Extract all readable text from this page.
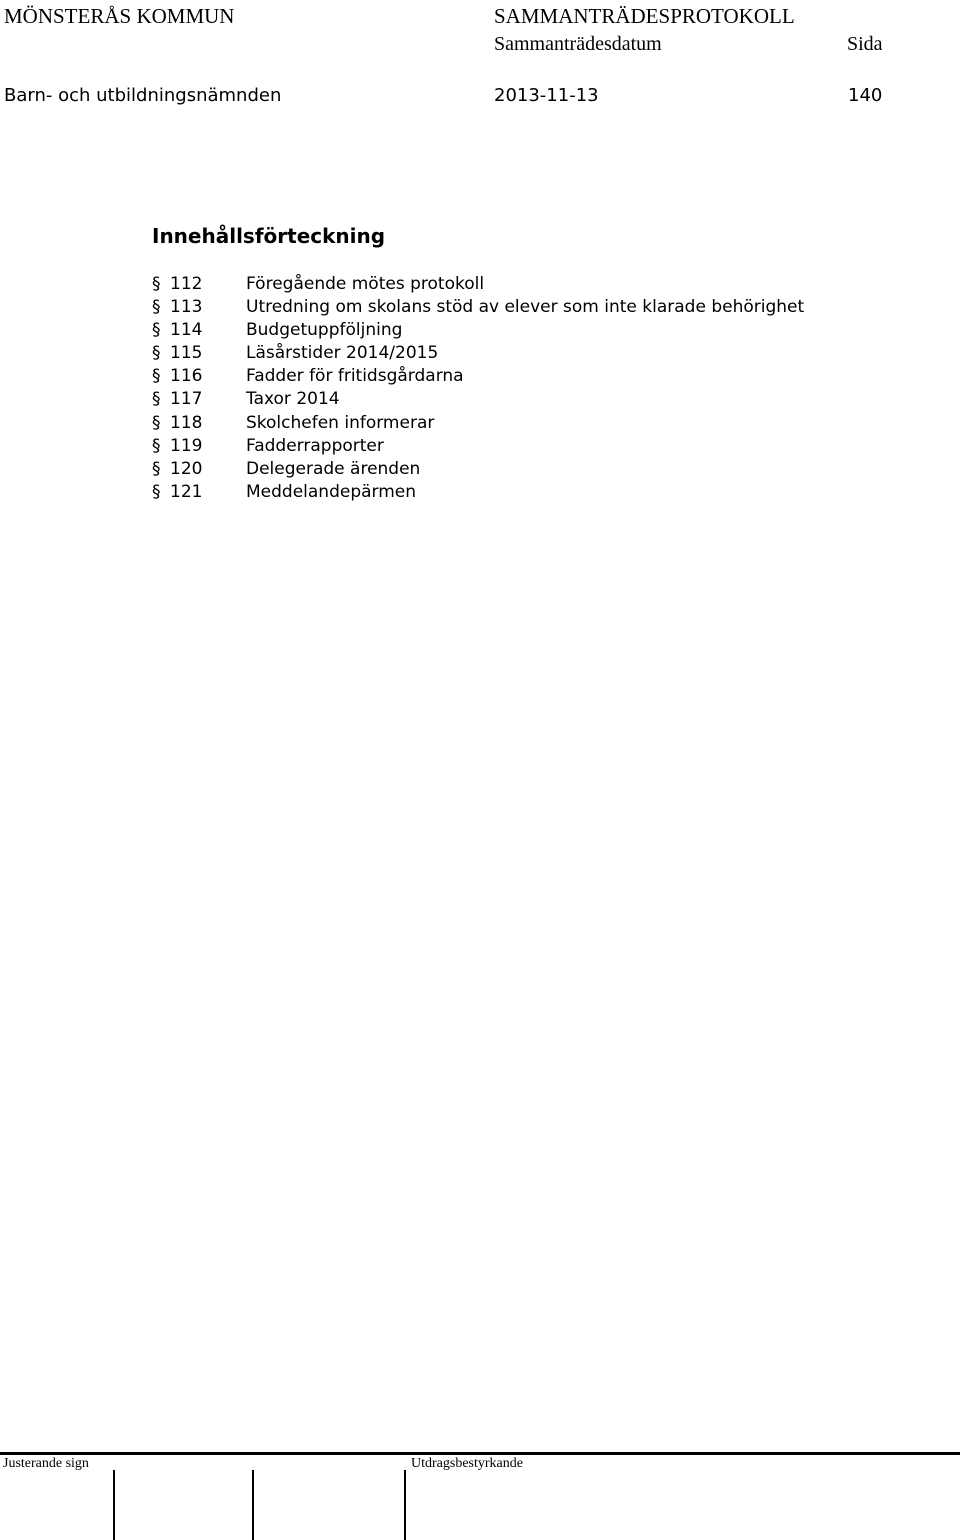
MÖNSTERÅS KOMMUN	SAMMANTRÄDESPROTOKOLL
Sammanträdesdatum	Sida
Barn- och utbildningsnämnden	2013-11-13	140
Innehållsförteckning
§ 112	Föregående mötes protokoll
§ 113	Utredning om skolans stöd av elever som inte klarade behörighet
§ 114	Budgetuppföljning
§ 115	Läsårstider 2014/2015
§ 116	Fadder för fritidsgårdarna
§ 117	Taxor 2014
§ 118	Skolchefen informerar
§ 119	Fadderrapporter
§ 120	Delegerade ärenden
§ 121	Meddelandepärmen
Justerande sign	Utdragsbestyrkande
